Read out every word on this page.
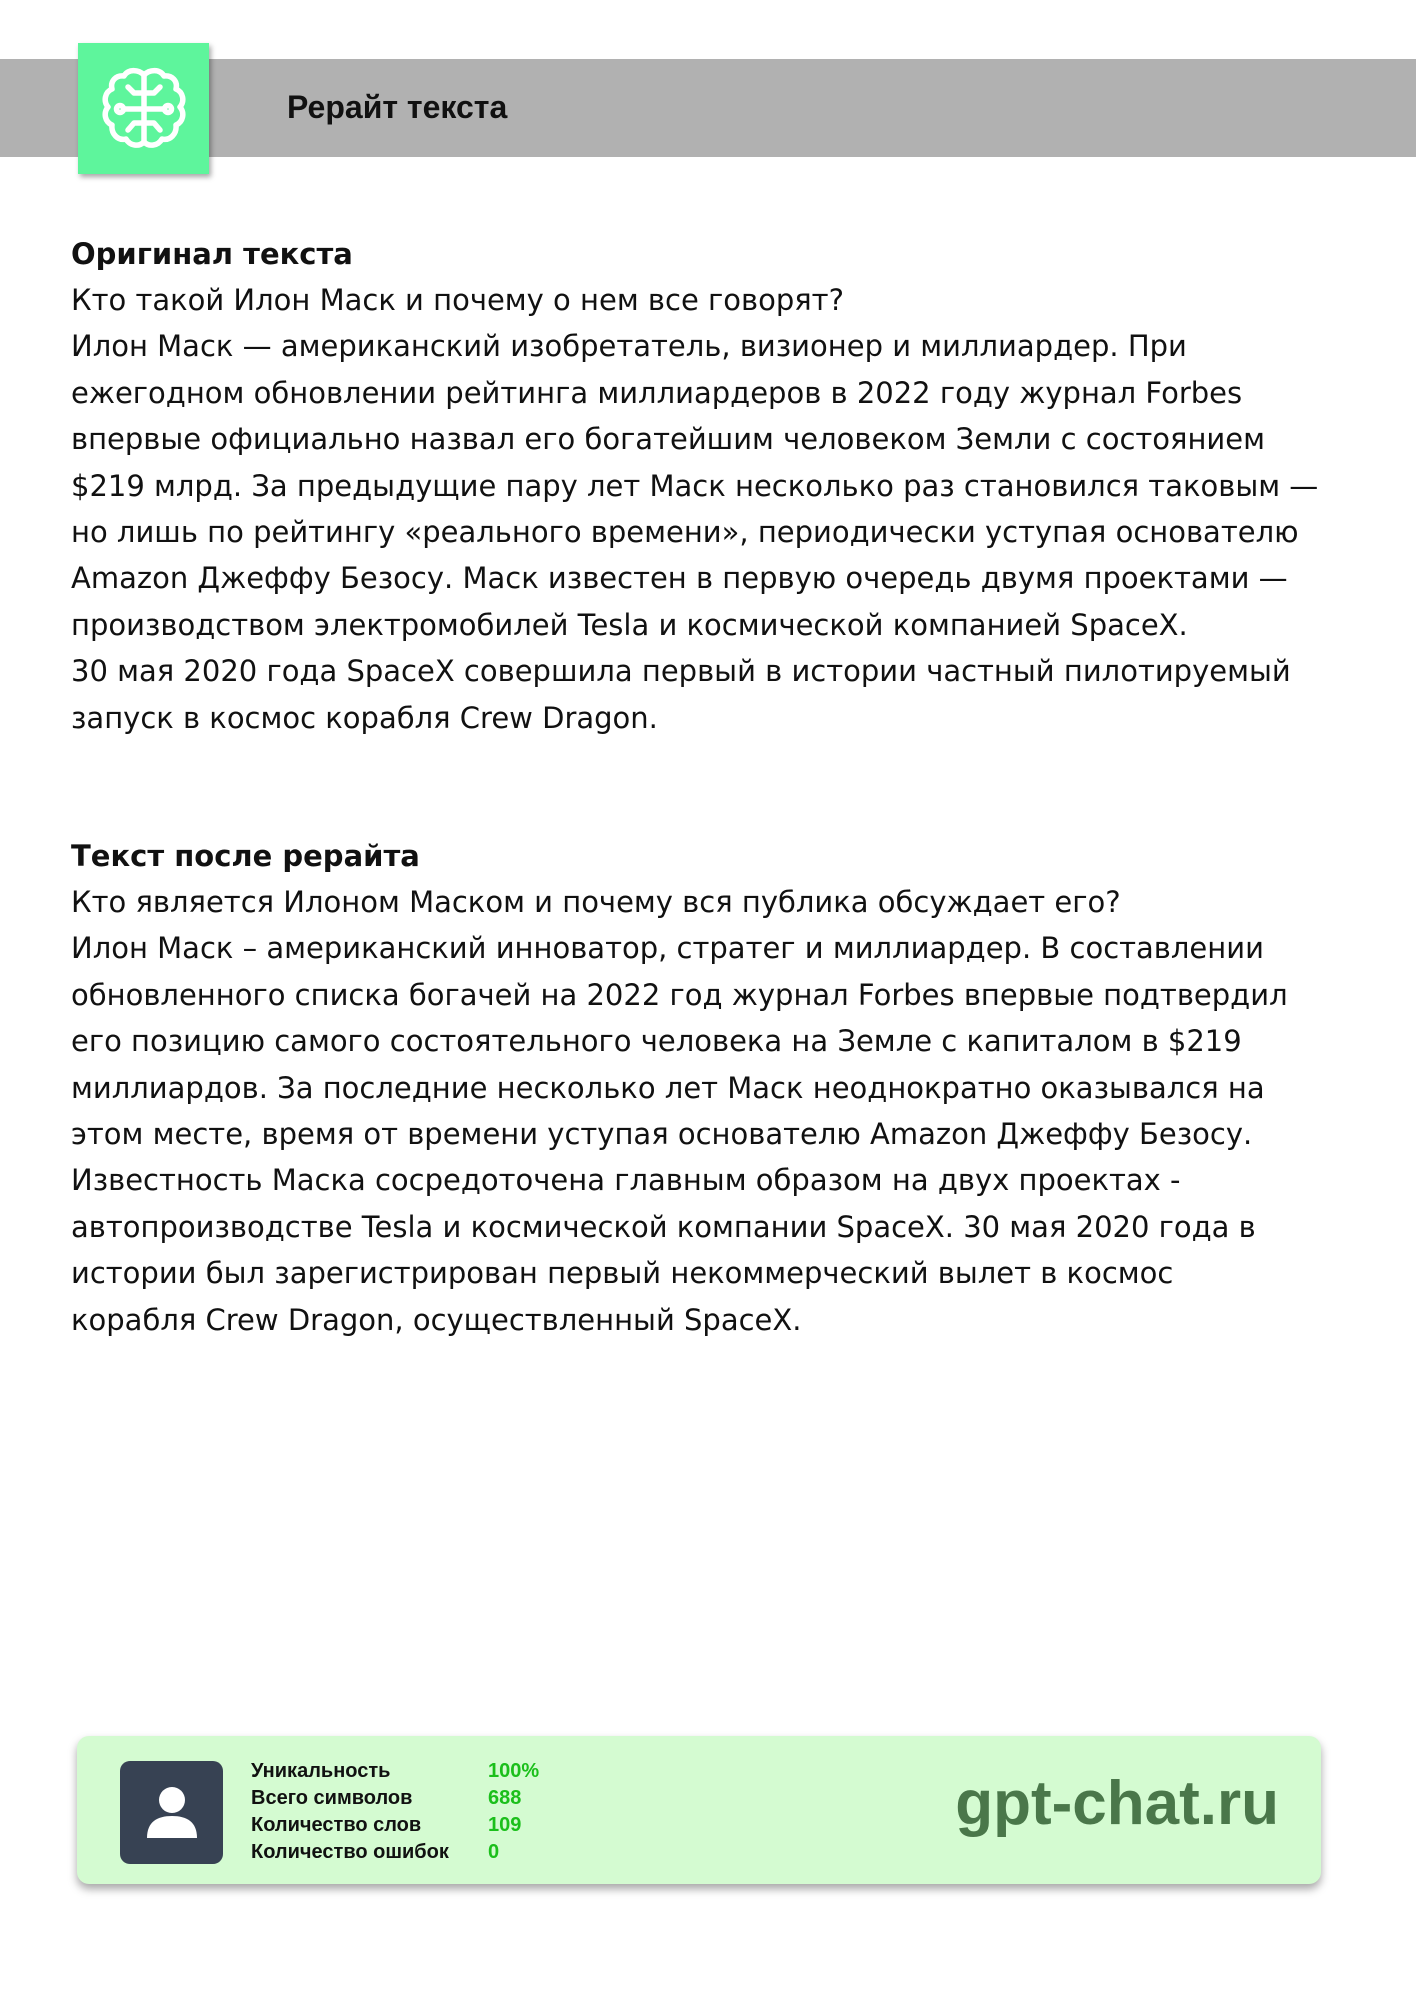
Рерайт текста
Оригинал текста
Кто такой Илон Маск и почему о нем все говорят?
Илон Маск — американский изобретатель, визионер и миллиардер. При
ежегодном обновлении рейтинга миллиардеров в 2022 году журнал Forbes
впервые официально назвал его богатейшим человеком Земли с состоянием
$219 млрд. За предыдущие пару лет Маск несколько раз становился таковым —
но лишь по рейтингу «реального времени», периодически уступая основателю
Amazon Джеффу Безосу. Маск известен в первую очередь двумя проектами —
производством электромобилей Tesla и космической компанией SpaceX.
30 мая 2020 года SpaceX совершила первый в истории частный пилотируемый
запуск в космос корабля Crew Dragon.
Текст после рерайта
Кто является Илоном Маском и почему вся публика обсуждает его?
Илон Маск – американский инноватор, стратег и миллиардер. В составлении
обновленного списка богачей на 2022 год журнал Forbes впервые подтвердил
его позицию самого состоятельного человека на Земле с капиталом в $219
миллиардов. За последние несколько лет Маск неоднократно оказывался на
этом месте, время от времени уступая основателю Amazon Джеффу Безосу.
Известность Маска сосредоточена главным образом на двух проектах -
автопроизводстве Tesla и космической компании SpaceX. 30 мая 2020 года в
истории был зарегистрирован первый некоммерческий вылет в космос
корабля Crew Dragon, осуществленный SpaceX.
Уникальность
Всего символов
Количество слов
Количество ошибок
100%
688
109
0
gpt-chat.ru
